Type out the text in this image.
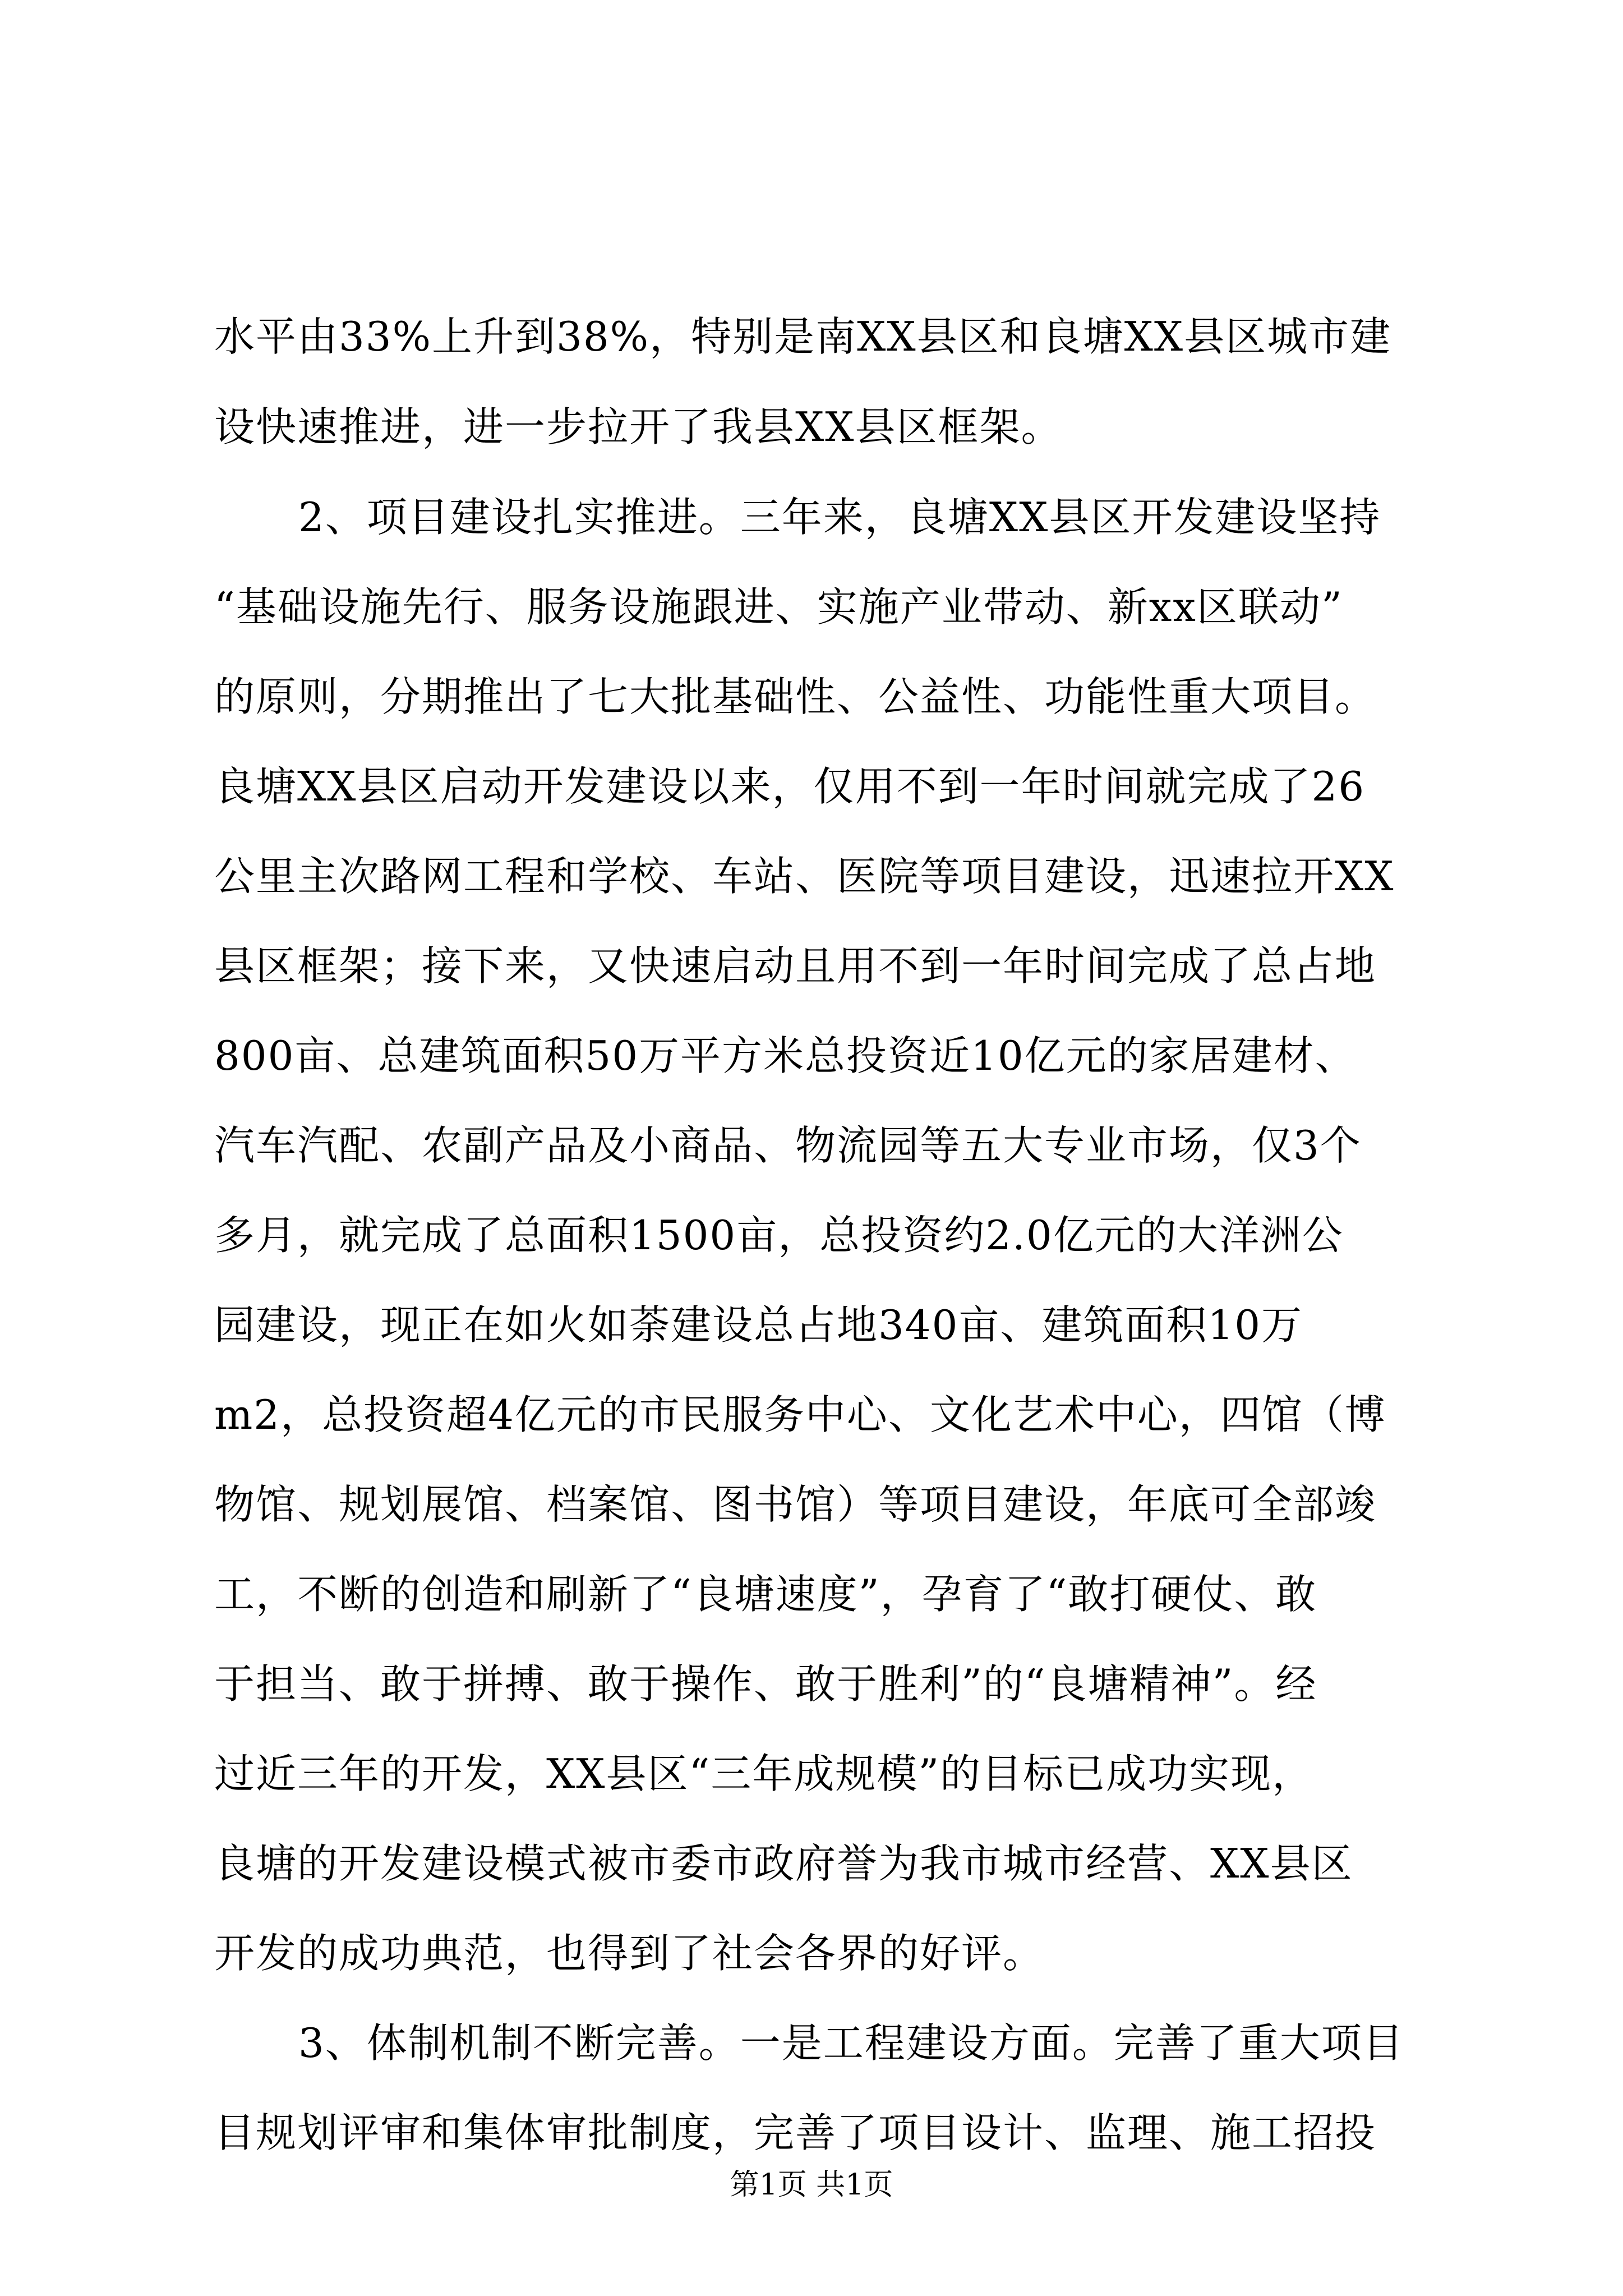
水平由33%上升到38%，特别是南XX县区和良塘XX县区城市建
设快速推进，进一步拉开了我县XX县区框架。
2、项目建设扎实推进。三年来，良塘XX县区开发建设坚持
“基础设施先行、服务设施跟进、实施产业带动、新xx区联动”
的原则，分期推出了七大批基础性、公益性、功能性重大项目。
良塘XX县区启动开发建设以来，仅用不到一年时间就完成了26
公里主次路网工程和学校、车站、医院等项目建设，迅速拉开XX
县区框架；接下来，又快速启动且用不到一年时间完成了总占地
800亩、总建筑面积50万平方米总投资近10亿元的家居建材、
汽车汽配、农副产品及小商品、物流园等五大专业市场，仅3个
多月，就完成了总面积1500亩，总投资约2.0亿元的大洋洲公
园建设，现正在如火如荼建设总占地340亩、建筑面积10万
m2，总投资超4亿元的市民服务中心、文化艺术中心，四馆（博
物馆、规划展馆、档案馆、图书馆）等项目建设，年底可全部竣
工，不断的创造和刷新了“良塘速度”，孕育了“敢打硬仗、敢
于担当、敢于拼搏、敢于操作、敢于胜利”的“良塘精神”。经
过近三年的开发，XX县区“三年成规模”的目标已成功实现，
良塘的开发建设模式被市委市政府誉为我市城市经营、XX县区
开发的成功典范，也得到了社会各界的好评。
3、体制机制不断完善。一是工程建设方面。完善了重大项目
目规划评审和集体审批制度，完善了项目设计、监理、施工招投
第1页 共1页
